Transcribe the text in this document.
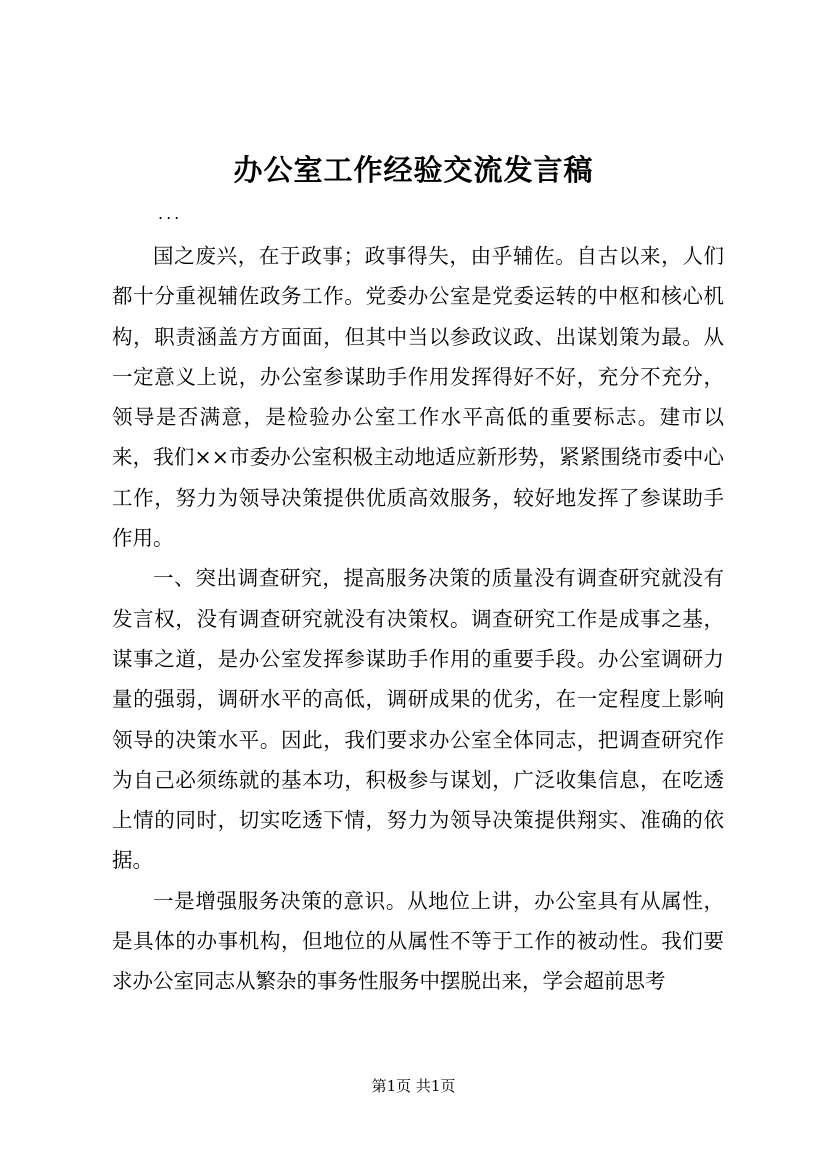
办公室工作经验交流发言稿
...

国之废兴，在于政事；政事得失，由乎辅佐。自古以来，人们都十分重视辅佐政务工作。党委办公室是党委运转的中枢和核心机构，职责涵盖方方面面，但其中当以参政议政、出谋划策为最。从一定意义上说，办公室参谋助手作用发挥得好不好，充分不充分，领导是否满意，是检验办公室工作水平高低的重要标志。建市以来，我们××市委办公室积极主动地适应新形势，紧紧围绕市委中心工作，努力为领导决策提供优质高效服务，较好地发挥了参谋助手作用。

一、突出调查研究，提高服务决策的质量没有调查研究就没有发言权，没有调查研究就没有决策权。调查研究工作是成事之基，谋事之道，是办公室发挥参谋助手作用的重要手段。办公室调研力量的强弱，调研水平的高低，调研成果的优劣，在一定程度上影响领导的决策水平。因此，我们要求办公室全体同志，把调查研究作为自己必须练就的基本功，积极参与谋划，广泛收集信息，在吃透上情的同时，切实吃透下情，努力为领导决策提供翔实、准确的依据。

一是增强服务决策的意识。从地位上讲，办公室具有从属性，是具体的办事机构，但地位的从属性不等于工作的被动性。我们要求办公室同志从繁杂的事务性服务中摆脱出来，学会超前思考

第1页 共1页
